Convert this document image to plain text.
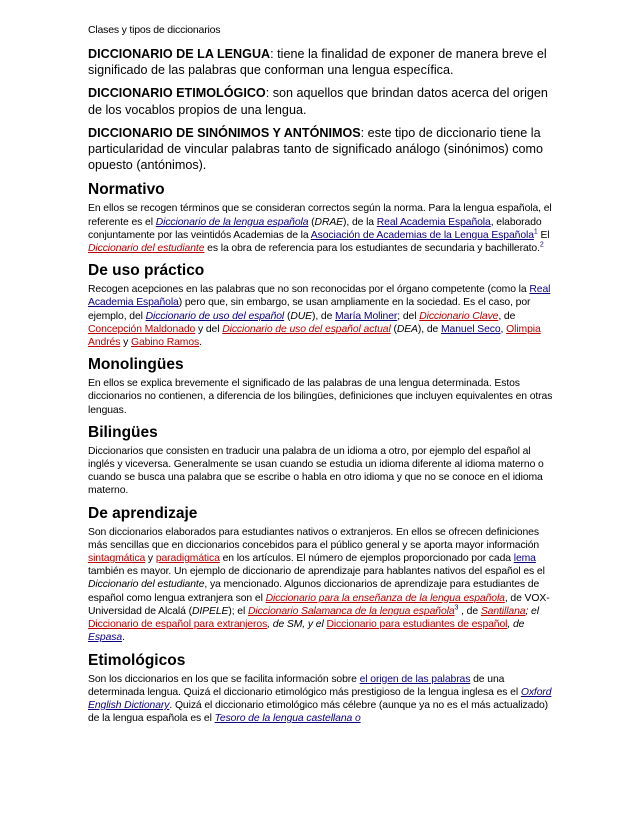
Clases y tipos de diccionarios

DICCIONARIO DE LA LENGUA: tiene la finalidad de exponer de manera breve el significado de las palabras que conforman una lengua específica.

DICCIONARIO ETIMOLÓGICO: son aquellos que brindan datos acerca del origen de los vocablos propios de una lengua.

DICCIONARIO DE SINÓNIMOS Y ANTÓNIMOS: este tipo de diccionario tiene la particularidad de vincular palabras tanto de significado análogo (sinónimos) como opuesto (antónimos).

Normativo

En ellos se recogen términos que se consideran correctos según la norma. Para la lengua española, el referente es el Diccionario de la lengua española (DRAE), de la Real Academia Española, elaborado conjuntamente por las veintidós Academias de la Asociación de Academias de la Lengua Española$^1$ El Diccionario del estudiante es la obra de referencia para los estudiantes de secundaria y bachillerato.$^2$

De uso práctico

Recogen acepciones en las palabras que no son reconocidas por el órgano competente (como la Real Academia Española) pero que, sin embargo, se usan ampliamente en la sociedad. Es el caso, por ejemplo, del Diccionario de uso del español (DUE), de María Moliner; del Diccionario Clave, de Concepción Maldonado y del Diccionario de uso del español actual (DEA), de Manuel Seco, Olimpia Andrés y Gabino Ramos.

Monolingües

En ellos se explica brevemente el significado de las palabras de una lengua determinada. Estos diccionarios no contienen, a diferencia de los bilingües, definiciones que incluyen equivalentes en otras lenguas.

Bilingües

Diccionarios que consisten en traducir una palabra de un idioma a otro, por ejemplo del español al inglés y viceversa. Generalmente se usan cuando se estudia un idioma diferente al idioma materno o cuando se busca una palabra que se escribe o habla en otro idioma y que no se conoce en el idioma materno.

De aprendizaje

Son diccionarios elaborados para estudiantes nativos o extranjeros. En ellos se ofrecen definiciones más sencillas que en diccionarios concebidos para el público general y se aporta mayor información sintagmática y paradigmática en los artículos. El número de ejemplos proporcionado por cada lema también es mayor. Un ejemplo de diccionario de aprendizaje para hablantes nativos del español es el Diccionario del estudiante, ya mencionado. Algunos diccionarios de aprendizaje para estudiantes de español como lengua extranjera son el Diccionario para la enseñanza de la lengua española, de VOX-Universidad de Alcalá (DIPELE); el Diccionario Salamanca de la lengua española$^3$ , de Santillana; el Diccionario de español para extranjeros, de SM, y el Diccionario para estudiantes de español, de Espasa.

Etimológicos

Son los diccionarios en los que se facilita información sobre el origen de las palabras de una determinada lengua. Quizá el diccionario etimológico más prestigioso de la lengua inglesa es el Oxford English Dictionary. Quizá el diccionario etimológico más célebre (aunque ya no es el más actualizado) de la lengua española es el Tesoro de la lengua castellana o
